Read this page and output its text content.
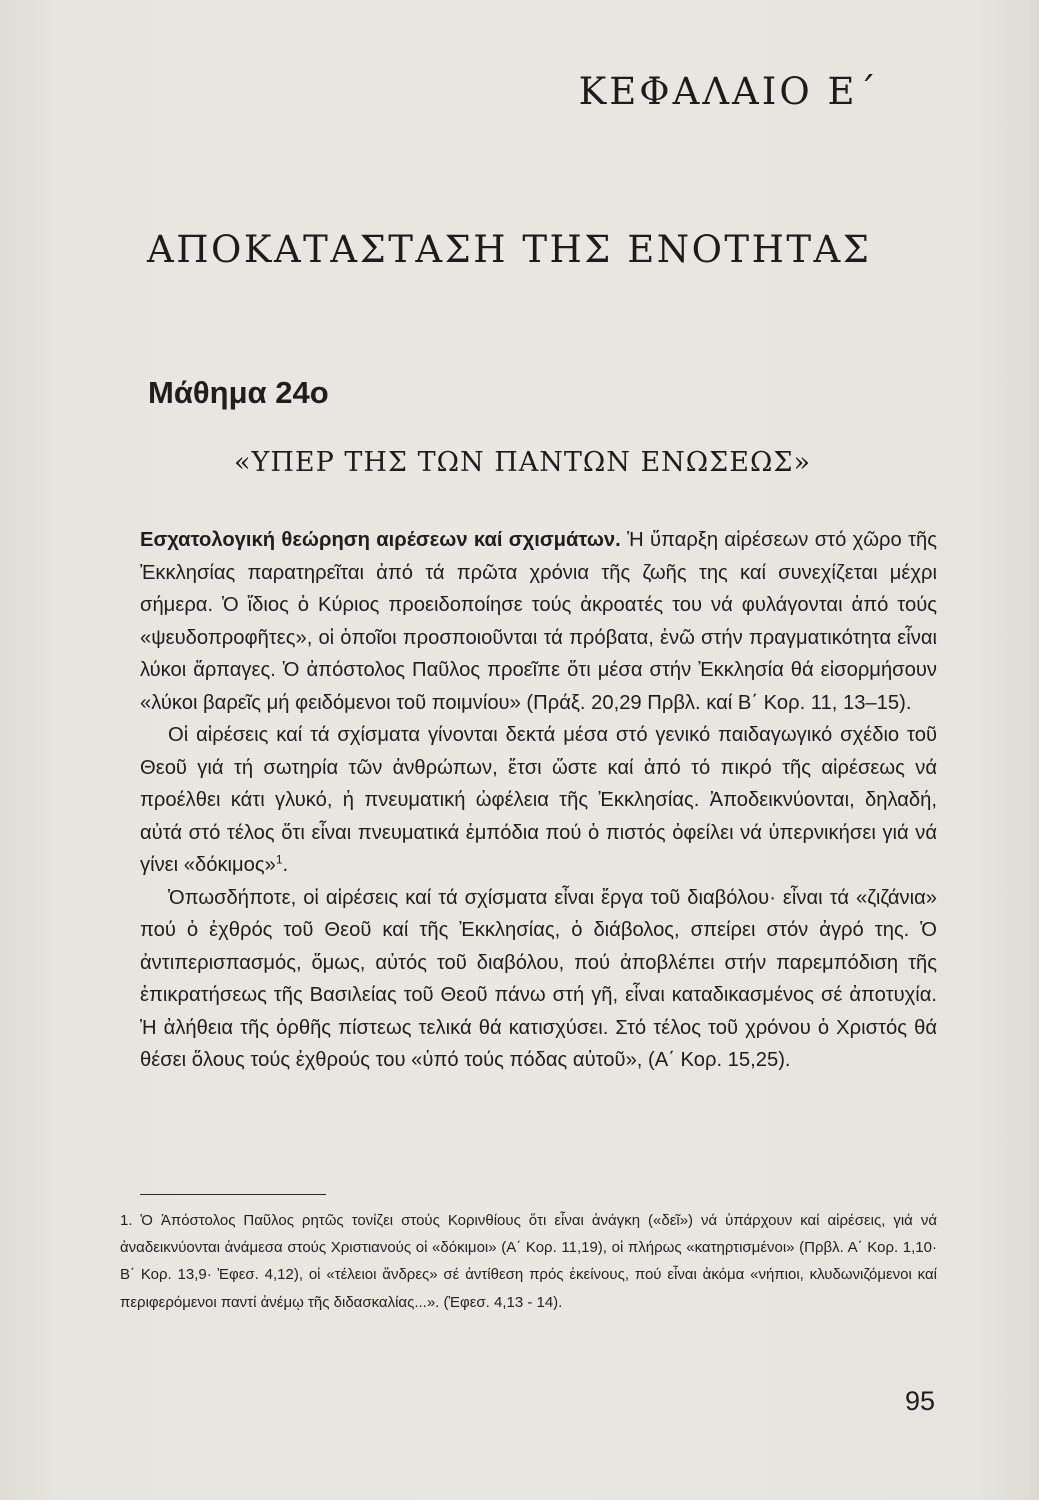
ΚΕΦΑΛΑΙΟ Ε΄
ΑΠΟΚΑΤΑΣΤΑΣΗ ΤΗΣ ΕΝΟΤΗΤΑΣ
Μάθημα 24ο
«ΥΠΕΡ ΤΗΣ ΤΩΝ ΠΑΝΤΩΝ ΕΝΩΣΕΩΣ»

Εσχατολογική θεώρηση αιρέσεων καί σχισμάτων. Ἡ ὕπαρξη αἱρέσεων στό χῶρο τῆς Ἐκκλησίας παρατηρεῖται ἀπό τά πρῶτα χρόνια τῆς ζωῆς της καί συνεχίζεται μέχρι σήμερα. Ὁ ἴδιος ὁ Κύριος προειδοποίησε τούς ἀκροατές του νά φυλάγονται ἀπό τούς «ψευδοπροφῆτες», οἱ ὁποῖοι προσποιοῦνται τά πρόβατα, ἐνῶ στήν πραγματικότητα εἶναι λύκοι ἅρπαγες. Ὁ ἀπόστολος Παῦλος προεῖπε ὅτι μέσα στήν Ἐκκλησία θά εἰσορμήσουν «λύκοι βαρεῖς μή φειδόμενοι τοῦ ποιμνίου» (Πράξ. 20,29 Πρβλ. καί Β΄ Κορ. 11, 13–15).

Οἱ αἱρέσεις καί τά σχίσματα γίνονται δεκτά μέσα στό γενικό παιδαγωγικό σχέδιο τοῦ Θεοῦ γιά τή σωτηρία τῶν ἀνθρώπων, ἔτσι ὥστε καί ἀπό τό πικρό τῆς αἱρέσεως νά προέλθει κάτι γλυκό, ἡ πνευματική ὠφέλεια τῆς Ἐκκλησίας. Ἀποδεικνύονται, δηλαδή, αὐτά στό τέλος ὅτι εἶναι πνευματικά ἐμπόδια πού ὁ πιστός ὀφείλει νά ὑπερνικήσει γιά νά γίνει «δόκιμος»$^1$.

Ὁπωσδήποτε, οἱ αἱρέσεις καί τά σχίσματα εἶναι ἔργα τοῦ διαβόλου· εἶναι τά «ζιζάνια» πού ὁ ἐχθρός τοῦ Θεοῦ καί τῆς Ἐκκλησίας, ὁ διάβολος, σπείρει στόν ἀγρό της. Ὁ ἀντιπερισπασμός, ὅμως, αὐτός τοῦ διαβόλου, πού ἀποβλέπει στήν παρεμπόδιση τῆς ἐπικρατήσεως τῆς Βασιλείας τοῦ Θεοῦ πάνω στή γῆ, εἶναι καταδικασμένος σέ ἀποτυχία. Ἡ ἀλήθεια τῆς ὀρθῆς πίστεως τελικά θά κατισχύσει. Στό τέλος τοῦ χρόνου ὁ Χριστός θά θέσει ὅλους τούς ἐχθρούς του «ὑπό τούς πόδας αὐτοῦ», (Α΄ Κορ. 15,25).

1. Ὁ Ἀπόστολος Παῦλος ρητῶς τονίζει στούς Κορινθίους ὅτι εἶναι ἀνάγκη («δεῖ») νά ὑπάρχουν καί αἱρέσεις, γιά νά ἀναδεικνύονται ἀνάμεσα στούς Χριστιανούς οἱ «δόκιμοι» (Α΄ Κορ. 11,19), οἱ πλήρως «κατηρτισμένοι» (Πρβλ. Α΄ Κορ. 1,10· Β΄ Κορ. 13,9· Ἐφεσ. 4,12), οἱ «τέλειοι ἄνδρες» σέ ἀντίθεση πρός ἐκείνους, πού εἶναι ἀκόμα «νήπιοι, κλυδωνιζόμενοι καί περιφερόμενοι παντί ἀνέμῳ τῆς διδασκαλίας...». (Ἐφεσ. 4,13 - 14).

95
